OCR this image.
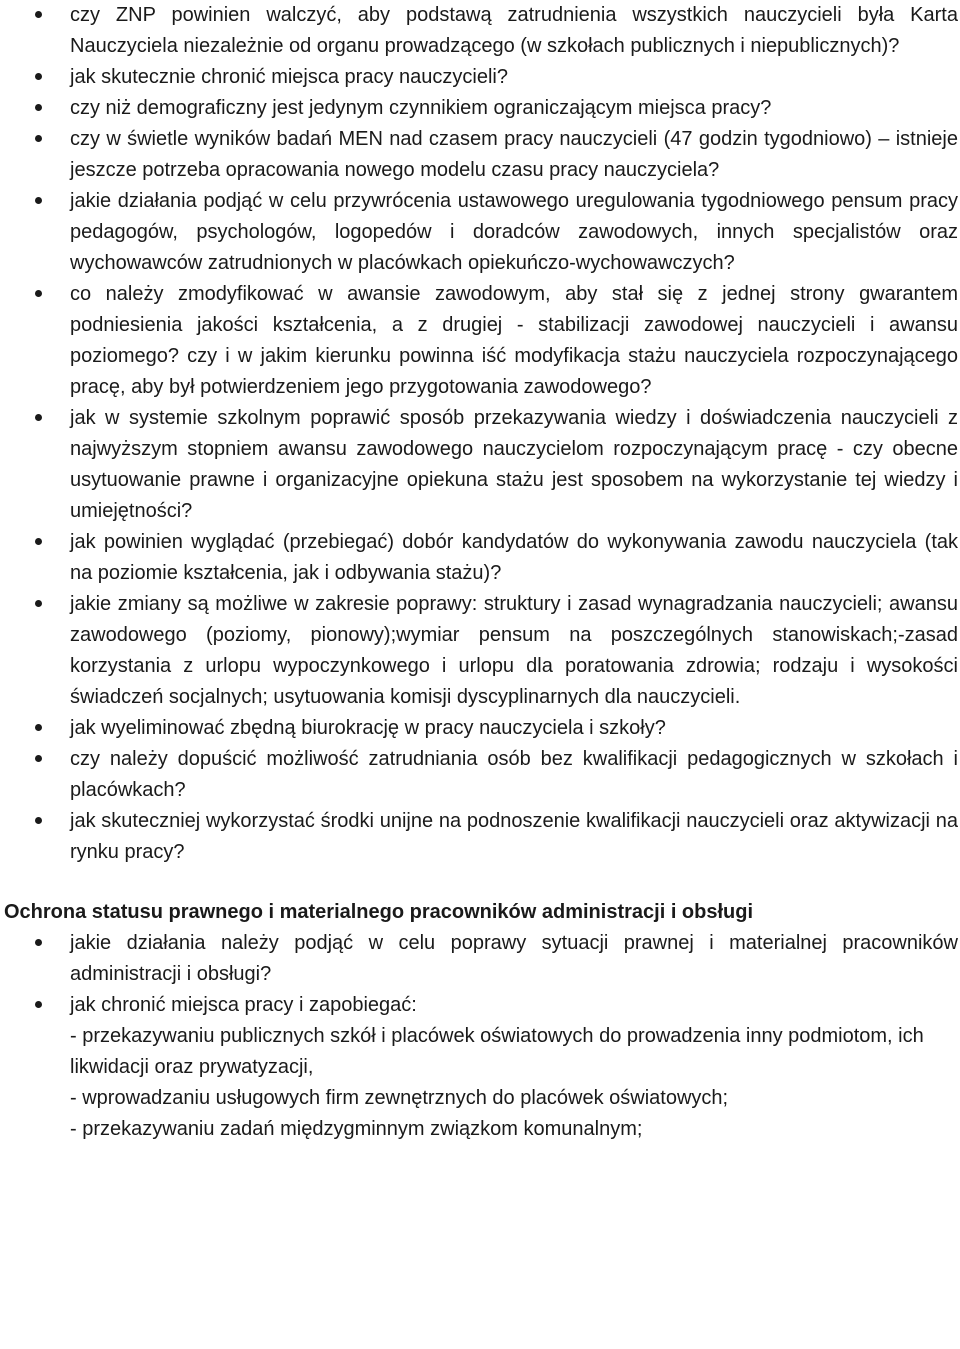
czy ZNP powinien walczyć, aby podstawą zatrudnienia wszystkich nauczycieli była Karta Nauczyciela niezależnie od organu prowadzącego (w szkołach publicznych i niepublicznych)?
jak skutecznie chronić miejsca pracy nauczycieli?
czy niż demograficzny jest jedynym czynnikiem ograniczającym miejsca pracy?
czy w świetle wyników badań MEN nad czasem pracy nauczycieli (47 godzin tygodniowo) – istnieje jeszcze potrzeba opracowania nowego modelu czasu pracy nauczyciela?
jakie działania podjąć w celu przywrócenia ustawowego uregulowania tygodniowego pensum pracy pedagogów, psychologów, logopedów i doradców zawodowych, innych specjalistów oraz wychowawców zatrudnionych w placówkach opiekuńczo-wychowawczych?
co należy zmodyfikować w awansie zawodowym, aby stał się z jednej strony gwarantem podniesienia jakości kształcenia, a z drugiej - stabilizacji zawodowej nauczycieli i awansu poziomego? czy i w jakim kierunku powinna iść modyfikacja stażu nauczyciela rozpoczynającego pracę, aby był potwierdzeniem jego przygotowania zawodowego?
jak w systemie szkolnym poprawić sposób przekazywania wiedzy i doświadczenia nauczycieli z najwyższym stopniem awansu zawodowego nauczycielom rozpoczynającym pracę - czy obecne usytuowanie prawne i organizacyjne opiekuna stażu jest sposobem na wykorzystanie tej wiedzy i umiejętności?
jak powinien wyglądać (przebiegać) dobór kandydatów do wykonywania zawodu nauczyciela (tak na poziomie kształcenia, jak i odbywania stażu)?
jakie zmiany są możliwe w zakresie poprawy: struktury i zasad wynagradzania nauczycieli; awansu zawodowego (poziomy, pionowy);wymiar pensum na poszczególnych stanowiskach;-zasad korzystania z urlopu wypoczynkowego i urlopu dla poratowania zdrowia; rodzaju i wysokości świadczeń socjalnych; usytuowania komisji dyscyplinarnych dla nauczycieli.
jak wyeliminować zbędną biurokrację w pracy nauczyciela i szkoły?
czy należy dopuścić możliwość zatrudniania osób bez kwalifikacji pedagogicznych w szkołach i placówkach?
jak skuteczniej wykorzystać środki unijne na podnoszenie kwalifikacji nauczycieli oraz aktywizacji na rynku pracy?
Ochrona statusu prawnego i materialnego pracowników administracji i obsługi
jakie działania należy podjąć w celu poprawy sytuacji prawnej i materialnej pracowników administracji i obsługi?
jak chronić miejsca pracy i zapobiegać:
- przekazywaniu publicznych szkół i placówek oświatowych do prowadzenia inny podmiotom, ich likwidacji oraz prywatyzacji,
- wprowadzaniu usługowych firm zewnętrznych do placówek oświatowych;
- przekazywaniu zadań międzygminnym związkom komunalnym;
